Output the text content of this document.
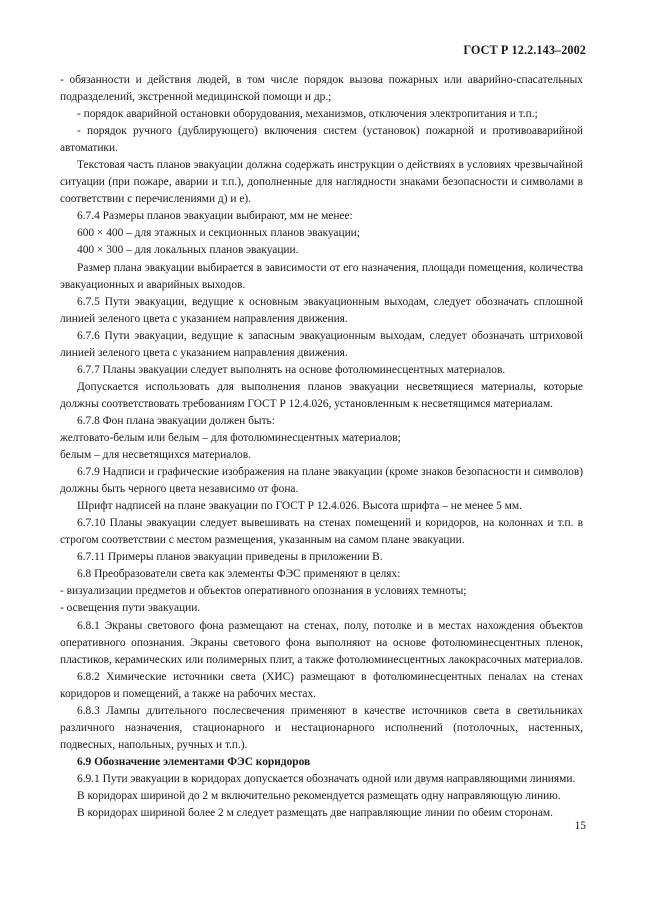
ГОСТ Р 12.2.143–2002

- обязанности и действия людей, в том числе порядок вызова пожарных или аварийно-спасательных подразделений, экстренной медицинской помощи и др.;

- порядок аварийной остановки оборудования, механизмов, отключения электропитания и т.п.;

- порядок ручного (дублирующего) включения систем (установок) пожарной и противоаварийной автоматики.

Текстовая часть планов эвакуации должна содержать инструкции о действиях в условиях чрезвычайной ситуации (при пожаре, аварии и т.п.), дополненные для наглядности знаками безопасности и символами в соответствии с перечислениями д) и е).

6.7.4 Размеры планов эвакуации выбирают, мм не менее:

600 × 400 – для этажных и секционных планов эвакуации;

400 × 300 – для локальных планов эвакуации.

Размер плана эвакуации выбирается в зависимости от его назначения, площади помещения, количества эвакуационных и аварийных выходов.

6.7.5 Пути эвакуации, ведущие к основным эвакуационным выходам, следует обозначать сплошной линией зеленого цвета с указанием направления движения.

6.7.6 Пути эвакуации, ведущие к запасным эвакуационным выходам, следует обозначать штриховой линией зеленого цвета с указанием направления движения.

6.7.7 Планы эвакуации следует выполнять на основе фотолюминесцентных материалов.

Допускается использовать для выполнения планов эвакуации несветящиеся материалы, которые должны соответствовать требованиям ГОСТ Р 12.4.026, установленным к несветящимся материалам.

6.7.8 Фон плана эвакуации должен быть:

желтовато-белым или белым – для фотолюминесцентных материалов;

белым – для несветящихся материалов.

6.7.9 Надписи и графические изображения на плане эвакуации (кроме знаков безопасности и символов) должны быть черного цвета независимо от фона.

Шрифт надписей на плане эвакуации по ГОСТ Р 12.4.026. Высота шрифта – не менее 5 мм.

6.7.10 Планы эвакуации следует вывешивать на стенах помещений и коридоров, на колоннах и т.п. в строгом соответствии с местом размещения, указанным на самом плане эвакуации.

6.7.11 Примеры планов эвакуации приведены в приложении В.

6.8 Преобразователи света как элементы ФЭС применяют в целях:

- визуализации предметов и объектов оперативного опознания в условиях темноты;

- освещения пути эвакуации.

6.8.1 Экраны светового фона размещают на стенах, полу, потолке и в местах нахождения объектов оперативного опознания. Экраны светового фона выполняют на основе фотолюминесцентных пленок, пластиков, керамических или полимерных плит, а также фотолюминесцентных лакокрасочных материалов.

6.8.2 Химические источники света (ХИС) размещают в фотолюминесцентных пеналах на стенах коридоров и помещений, а также на рабочих местах.

6.8.3 Лампы длительного послесвечения применяют в качестве источников света в светильниках различного назначения, стационарного и нестационарного исполнений (потолочных, настенных, подвесных, напольных, ручных и т.п.).

6.9 Обозначение элементами ФЭС коридоров

6.9.1 Пути эвакуации в коридорах допускается обозначать одной или двумя направляющими линиями.

В коридорах шириной до 2 м включительно рекомендуется размещать одну направляющую линию.

В коридорах шириной более 2 м следует размещать две направляющие линии по обеим сторонам.

15
